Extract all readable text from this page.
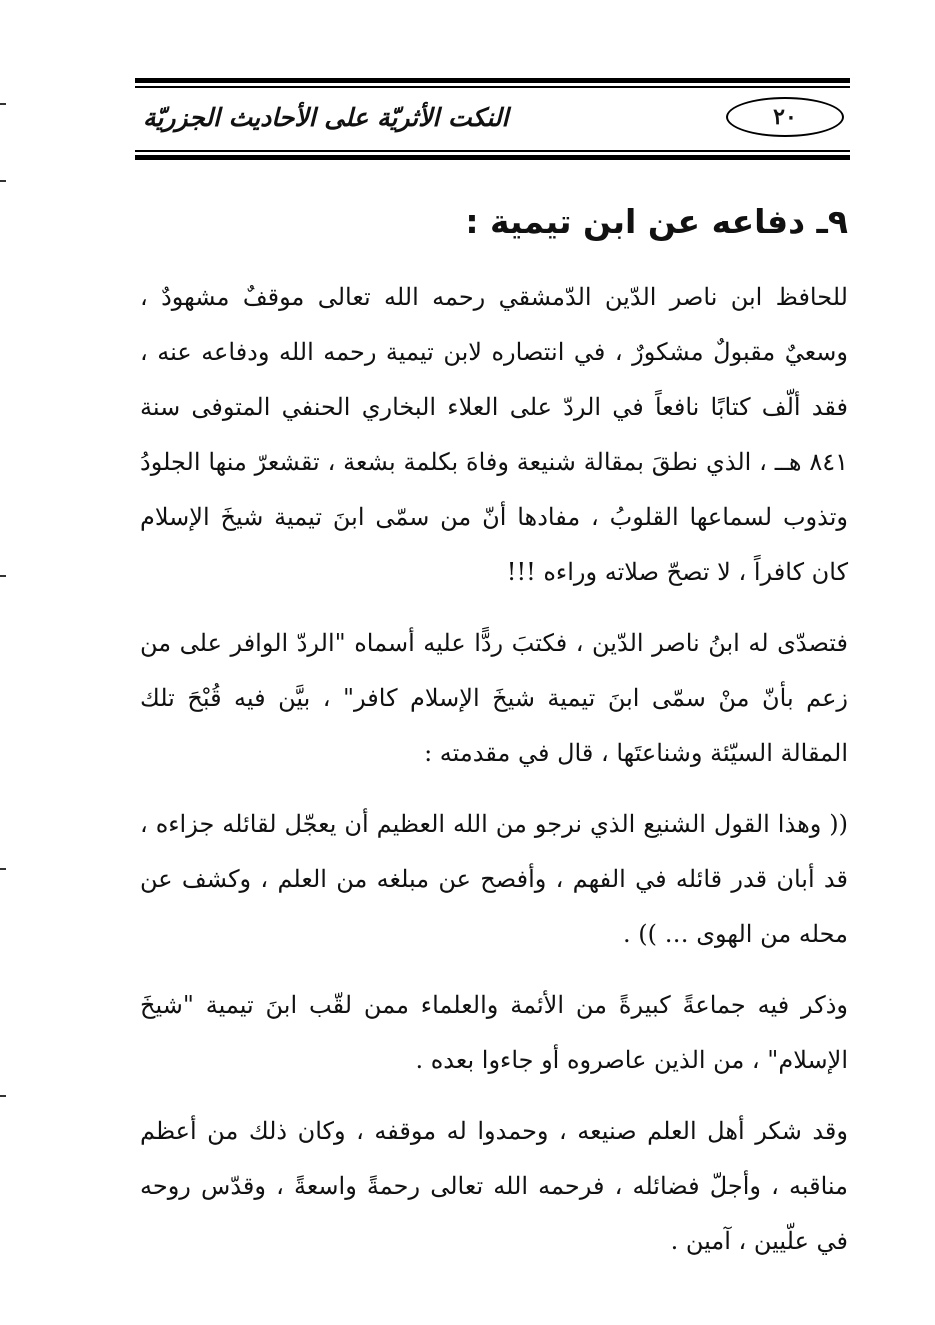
النكت الأثريّة على الأحاديث الجزريّة	٢٠
٩ـ دفاعه عن ابن تيمية :

للحافظ ابن ناصر الدّين الدّمشقي رحمه الله تعالى موقفٌ مشهودٌ ، وسعيٌ مقبولٌ مشكورٌ ، في انتصاره لابن تيمية رحمه الله ودفاعه عنه ، فقد ألّف كتابًا نافعاً في الردّ على العلاء البخاري الحنفي المتوفى سنة ٨٤١ هــ ، الذي نطقَ بمقالة شنيعة وفاهَ بكلمة بشعة ، تقشعرّ منها الجلودُ وتذوب لسماعها القلوبُ ، مفادها أنّ من سمّى ابنَ تيمية شيخَ الإسلام كان كافراً ، لا تصحّ صلاته وراءه !!!

فتصدّى له ابنُ ناصر الدّين ، فكتبَ ردًّا عليه أسماه "الردّ الوافر على من زعم بأنّ منْ سمّى ابنَ تيمية شيخَ الإسلام كافر" ، بيَّن فيه قُبْحَ تلك المقالة السيّئة وشناعتَها ، قال في مقدمته :

(( وهذا القول الشنيع الذي نرجو من الله العظيم أن يعجّل لقائله جزاءه ، قد أبان قدر قائله في الفهم ، وأفصح عن مبلغه من العلم ، وكشف عن محله من الهوى … )) .

وذكر فيه جماعةً كبيرةً من الأئمة والعلماء ممن لقّب ابنَ تيمية "شيخَ الإسلام" ، من الذين عاصروه أو جاءوا بعده .

وقد شكر أهل العلم صنيعه ، وحمدوا له موقفه ، وكان ذلك من أعظم مناقبه ، وأجلّ فضائله ، فرحمه الله تعالى رحمةً واسعةً ، وقدّس روحه في علّيين ، آمين .
